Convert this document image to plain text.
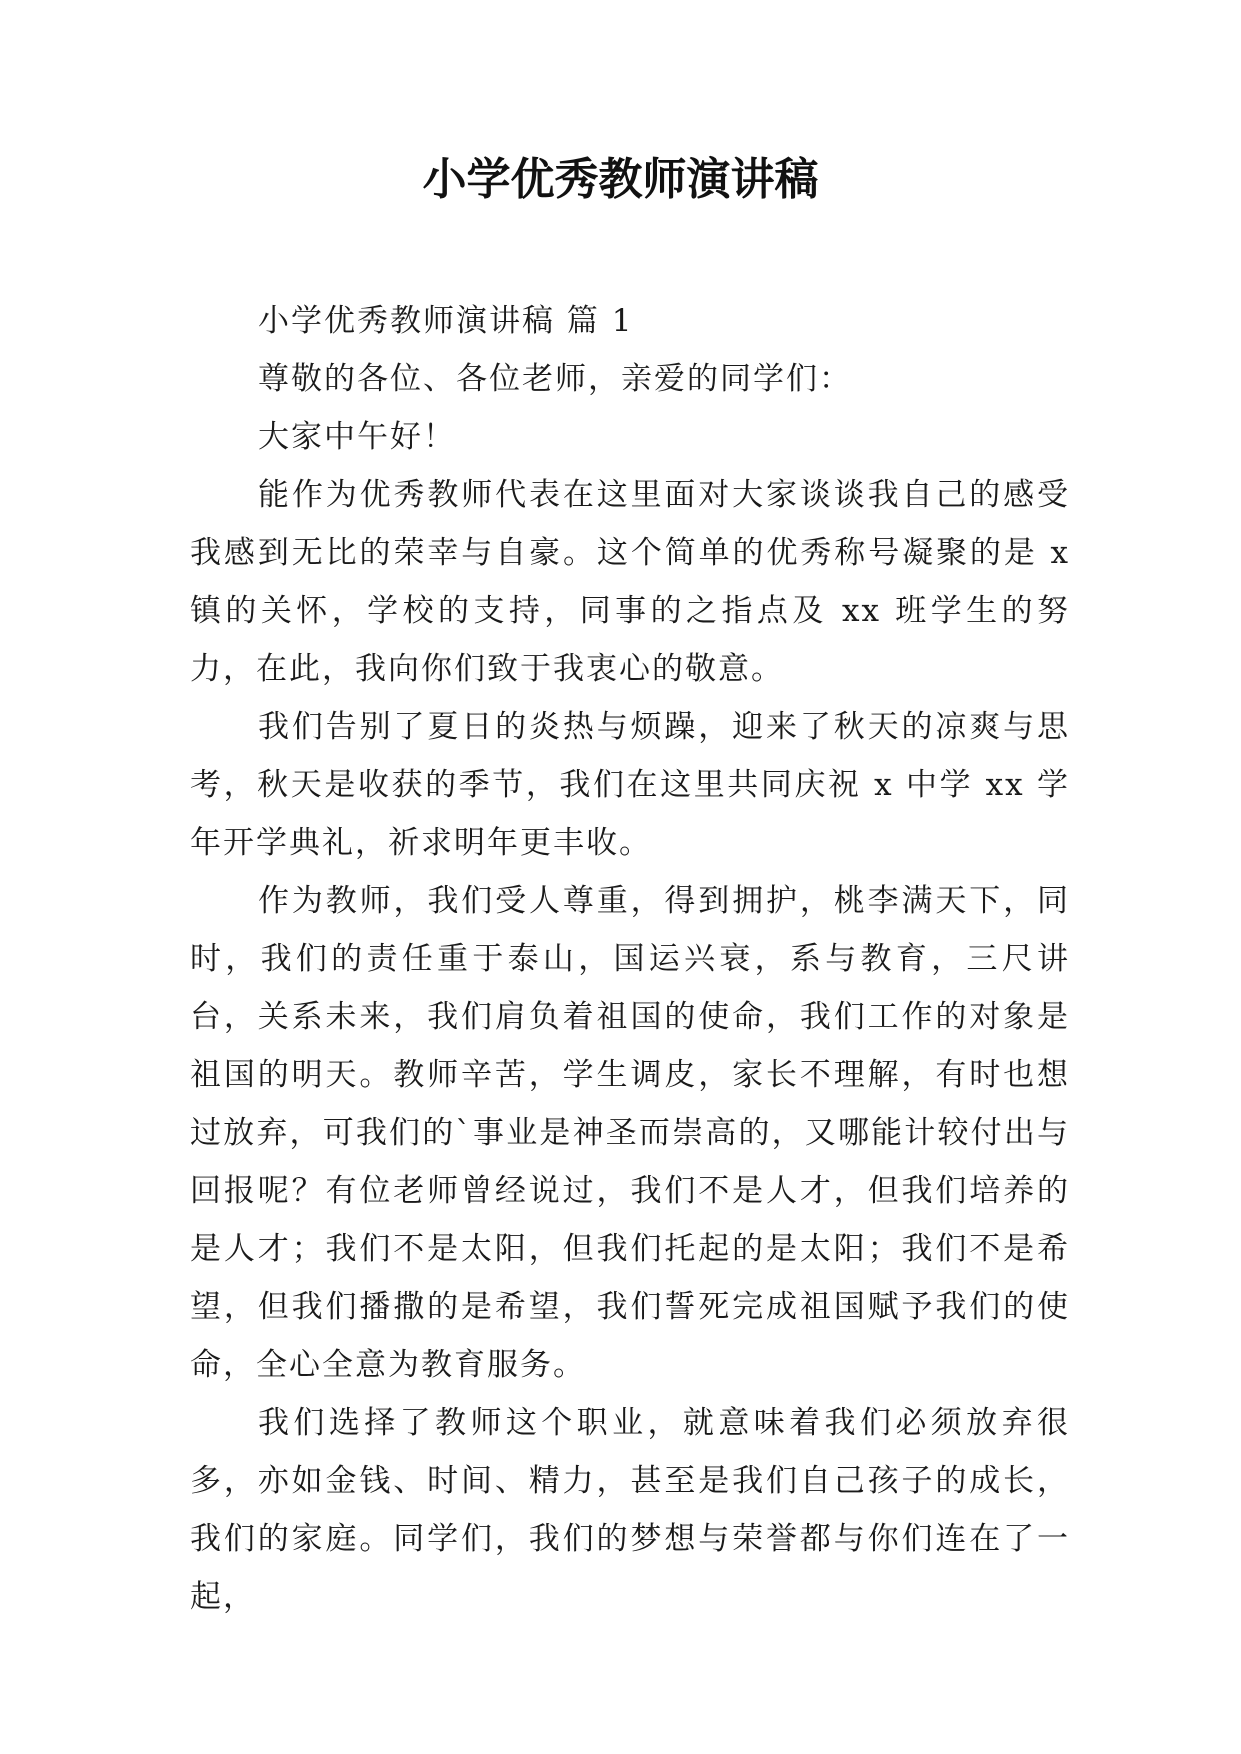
小学优秀教师演讲稿

小学优秀教师演讲稿 篇 1

尊敬的各位、各位老师，亲爱的同学们：

大家中午好！

能作为优秀教师代表在这里面对大家谈谈我自己的感受我感到无比的荣幸与自豪。这个简单的优秀称号凝聚的是 x 镇的关怀，学校的支持，同事的之指点及 xx 班学生的努力，在此，我向你们致于我衷心的敬意。

我们告别了夏日的炎热与烦躁，迎来了秋天的凉爽与思考，秋天是收获的季节，我们在这里共同庆祝 x 中学 xx 学年开学典礼，祈求明年更丰收。

作为教师，我们受人尊重，得到拥护，桃李满天下，同时，我们的责任重于泰山，国运兴衰，系与教育，三尺讲台，关系未来，我们肩负着祖国的使命，我们工作的对象是祖国的明天。教师辛苦，学生调皮，家长不理解，有时也想过放弃，可我们的`事业是神圣而崇高的，又哪能计较付出与回报呢？有位老师曾经说过，我们不是人才，但我们培养的是人才；我们不是太阳，但我们托起的是太阳；我们不是希望，但我们播撒的是希望，我们誓死完成祖国赋予我们的使命，全心全意为教育服务。

我们选择了教师这个职业，就意味着我们必须放弃很多，亦如金钱、时间、精力，甚至是我们自己孩子的成长，我们的家庭。同学们，我们的梦想与荣誉都与你们连在了一起，
